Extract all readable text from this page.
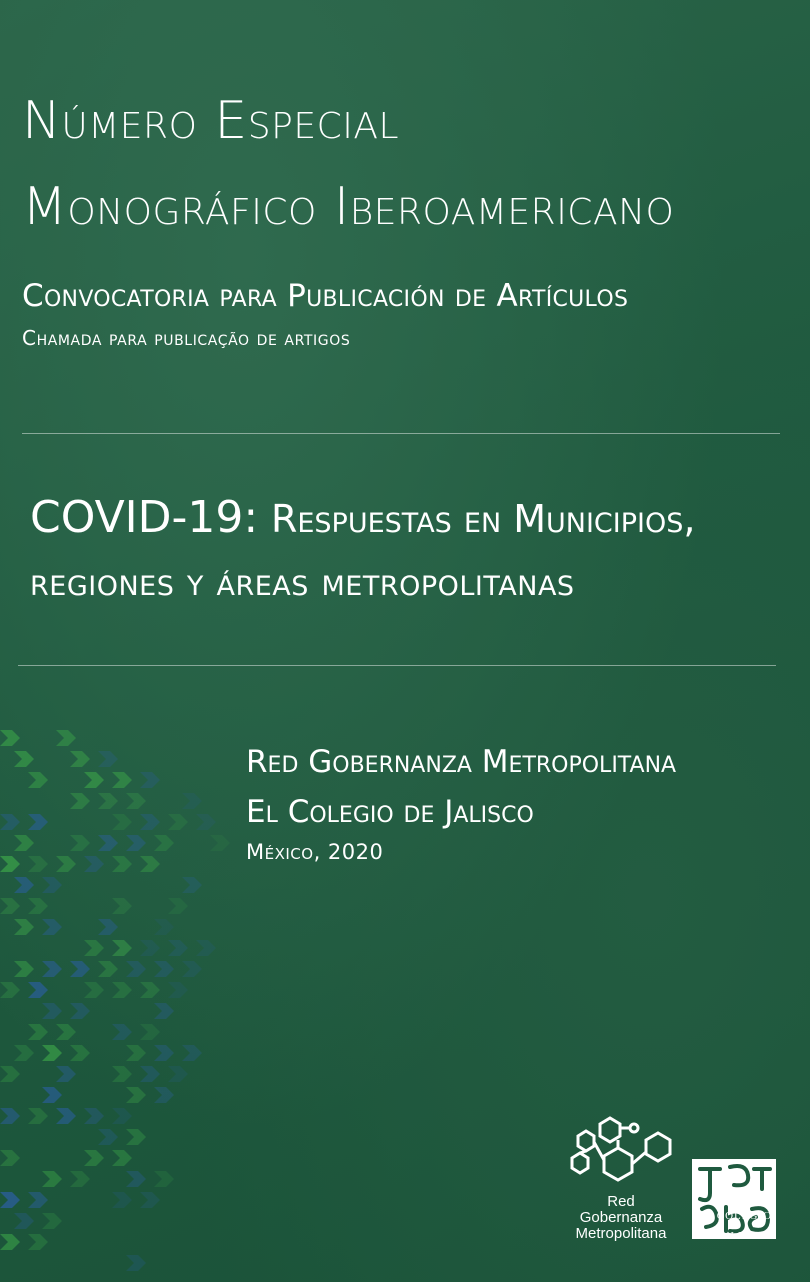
Número Especial
Monográfico Iberoamericano
Convocatoria para Publicación de Artículos
Chamada para publicação de artigos
COVID-19: Respuestas en Municipios,
regiones y áreas metropolitanas
Red Gobernanza Metropolitana
El Colegio de Jalisco
México, 2020
Red
Gobernanza
Metropolitana
EL COLEGIO
de
JALISCO
